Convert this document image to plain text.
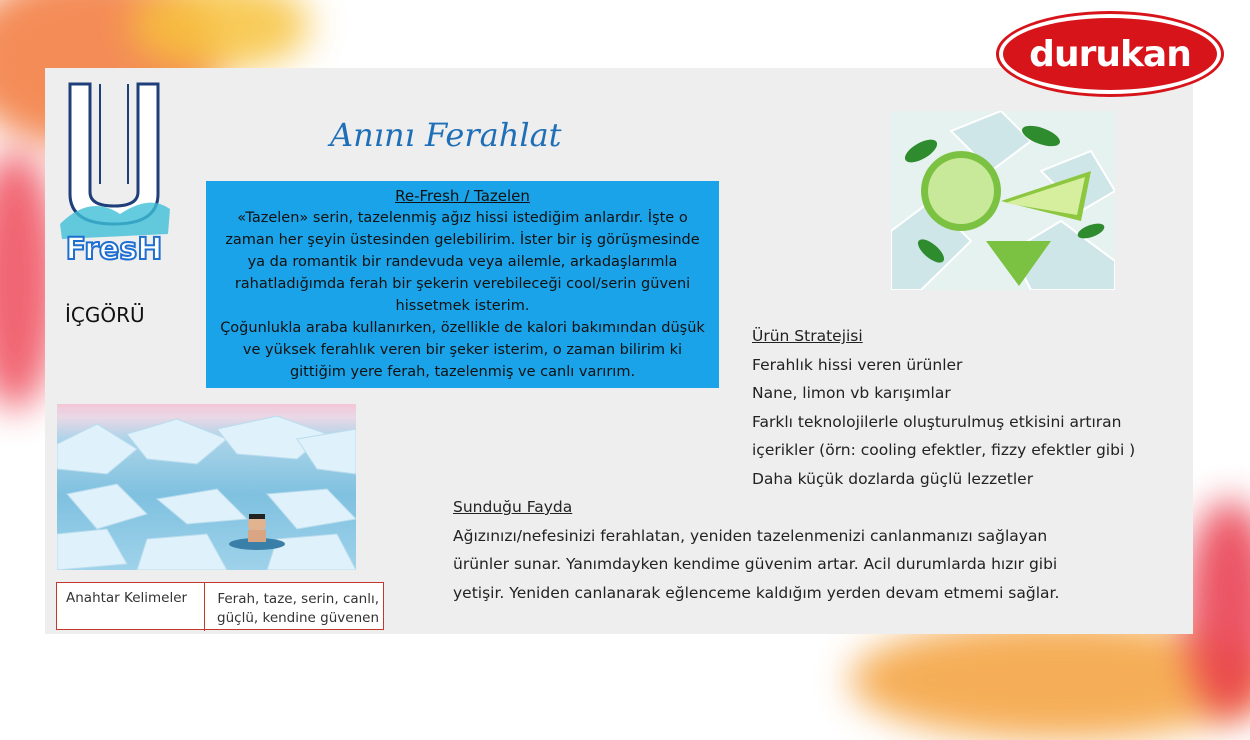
durukan
FresH
Anını Ferahlat
İÇGÖRÜ
Re-Fresh / Tazelen
«Tazelen» serin, tazelenmiş ağız hissi istediğim anlardır. İşte o
zaman her şeyin üstesinden gelebilirim. İster bir iş görüşmesinde
ya da romantik bir randevuda veya ailemle, arkadaşlarımla
rahatladığımda ferah bir şekerin verebileceği cool/serin güveni
hissetmek isterim.
Çoğunlukla araba kullanırken, özellikle de kalori bakımından düşük
ve yüksek ferahlık veren bir şeker isterim, o zaman bilirim ki
gittiğim yere ferah, tazelenmiş ve canlı varırım.
Ürün Stratejisi
Ferahlık hissi veren ürünler
Nane, limon vb karışımlar
Farklı teknolojilerle oluşturulmuş etkisini artıran
içerikler (örn: cooling efektler, fizzy efektler gibi )
Daha küçük dozlarda güçlü lezzetler
Sunduğu Fayda
Ağızınızı/nefesinizi ferahlatan, yeniden tazelenmenizi canlanmanızı sağlayan
ürünler sunar. Yanımdayken kendime güvenim artar. Acil durumlarda hızır gibi
yetişir. Yeniden canlanarak eğlenceme kaldığım yerden devam etmemi sağlar.
Anahtar Kelimeler	Ferah, taze, serin, canlı,
güçlü, kendine güvenen
